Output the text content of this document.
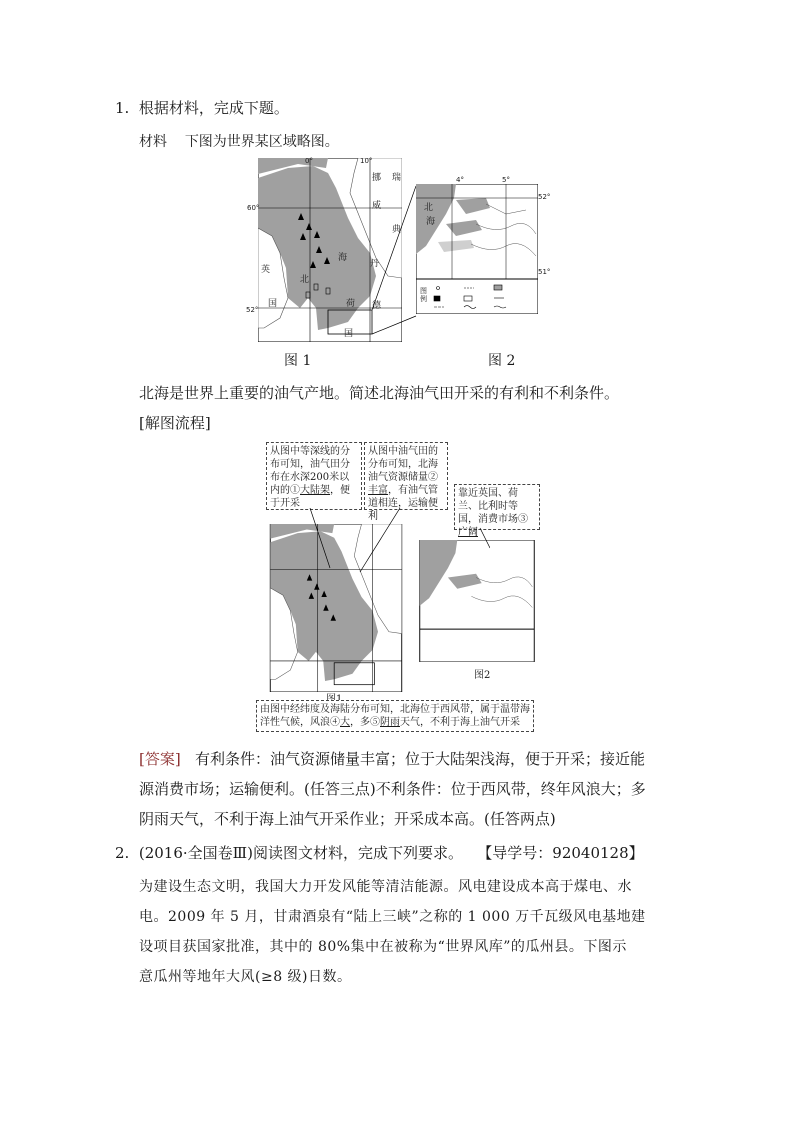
1. 根据材料，完成下题。
材料 下图为世界某区域略图。
0°	10°
60°
52°
挪 瑞
威
典
英
国
北
海
丹
德
荷
国
4°	5°
52°
51°
北
海
图例
图 1	图 2
北海是世界上重要的油气产地。简述北海油气田开采的有利和不利条件。
[解图流程]
从图中等深线的分布可知，油气田分布在水深200米以内的①大陆架，便于开采
从图中油气田的分布可知，北海油气资源储量②丰富，有油气管道相连，运输便利
靠近英国、荷兰、比利时等国，消费市场③广阔
图2
由图中经纬度及海陆分布可知，北海位于西风带，属于温带海洋性气候，风浪④大，多⑤阴雨天气，不利于海上油气开采
[答案] 有利条件：油气资源储量丰富；位于大陆架浅海，便于开采；接近能
源消费市场；运输便利。(任答三点)不利条件：位于西风带，终年风浪大；多
阴雨天气，不利于海上油气开采作业；开采成本高。(任答两点)
2. (2016·全国卷Ⅲ)阅读图文材料，完成下列要求。 【导学号：92040128】
为建设生态文明，我国大力开发风能等清洁能源。风电建设成本高于煤电、水
电。2009 年 5 月，甘肃酒泉有“陆上三峡”之称的 1 000 万千瓦级风电基地建
设项目获国家批准，其中的 80%集中在被称为“世界风库”的瓜州县。下图示
意瓜州等地年大风(≥8 级)日数。
